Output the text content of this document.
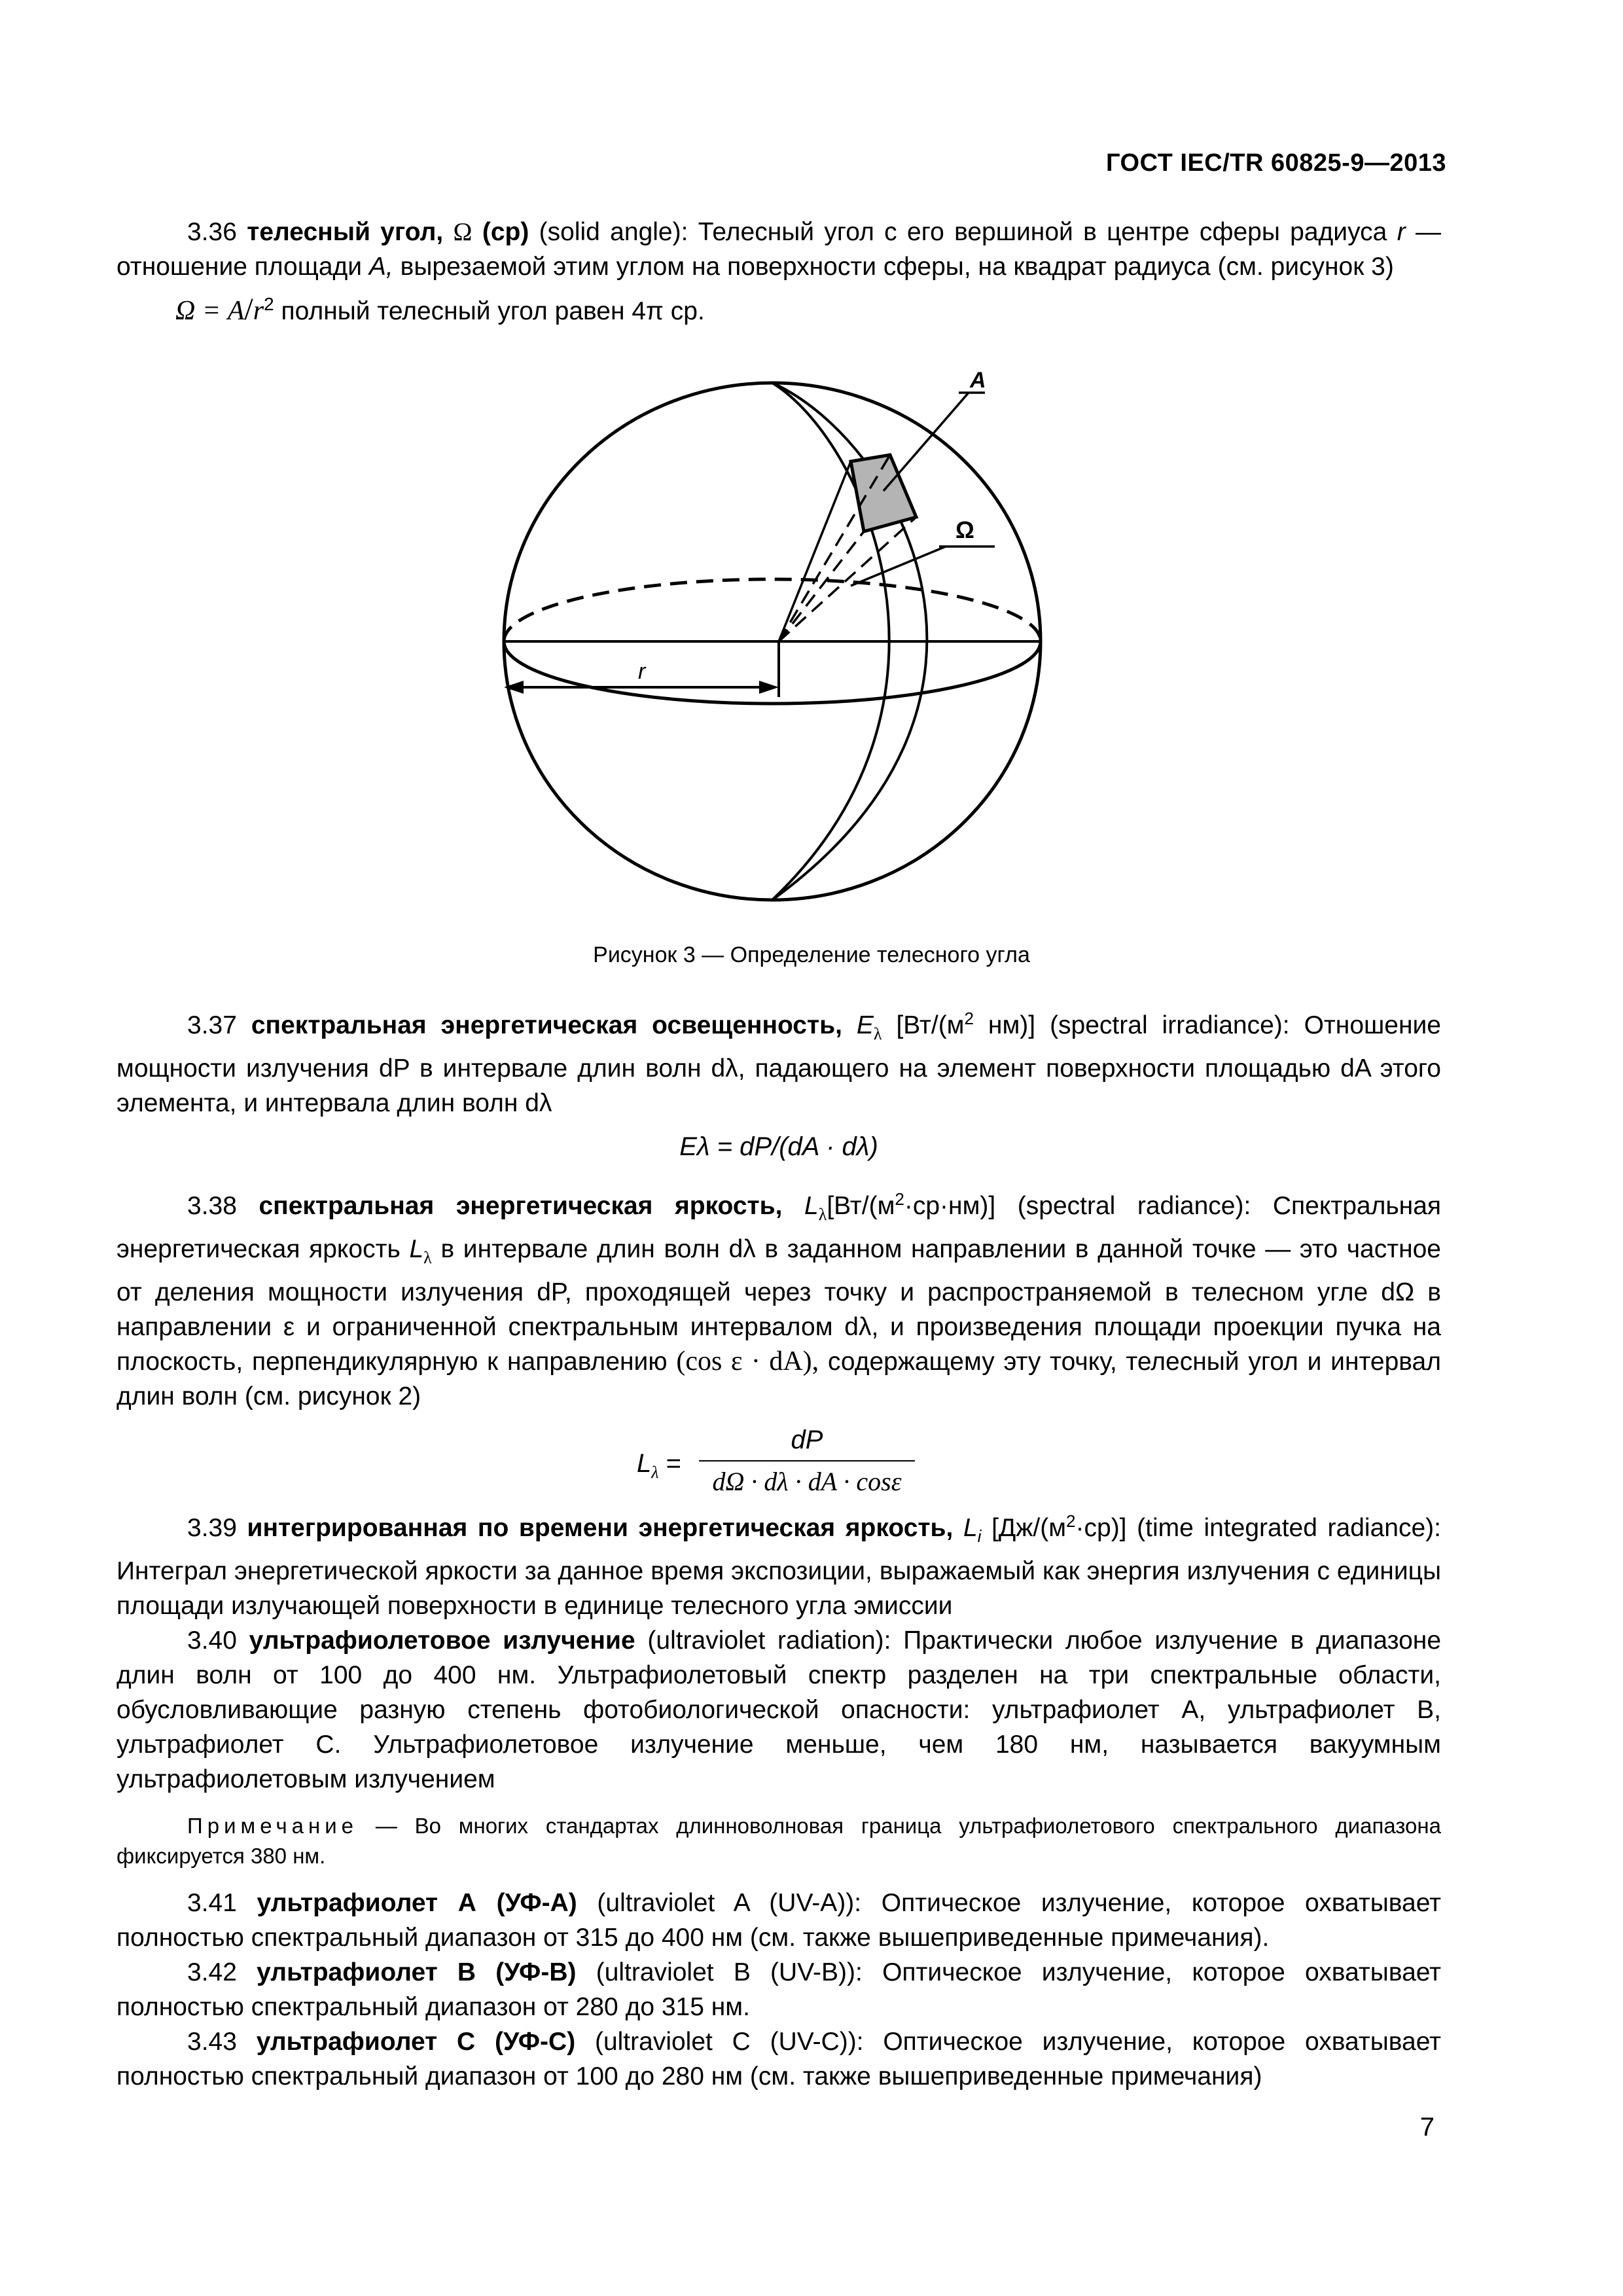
ГОСТ IEC/TR 60825-9—2013

3.36 телесный угол, Ω (ср) (solid angle): Телесный угол с его вершиной в центре сферы радиуса r — отношение площади A, вырезаемой этим углом на поверхности сферы, на квадрат радиуса (см. рисунок 3)

$\Omega = A/r^2$ полный телесный угол равен 4π ср.

A
Ω
r
Рисунок 3 — Определение телесного угла

3.37 спектральная энергетическая освещенность, $E_\lambda$ [$Вт/(м^2$ нм)] (spectral irradiance): Отношение мощности излучения dP в интервале длин волн dλ, падающего на элемент поверхности площадью dA этого элемента, и интервала длин волн dλ

Eλ = dP/(dA · dλ)

3.38 спектральная энергетическая яркость, $L_\lambda[Вт/(м^2\cdot ср\cdot нм)]$ (spectral radiance): Спектральная энергетическая яркость $L_\lambda$ в интервале длин волн dλ в заданном направлении в данной точке — это частное от деления мощности излучения dP, проходящей через точку и распространяемой в телесном угле dΩ в направлении ε и ограниченной спектральным интервалом dλ, и произведения площади проекции пучка на плоскость, перпендикулярную к направлению (cos ε · dA), содержащему эту точку, телесный угол и интервал длин волн (см. рисунок 2)

$L_\lambda = \frac{dP}{d\Omega \cdot d\lambda \cdot dA \cdot \cos\varepsilon}$

3.39 интегрированная по времени энергетическая яркость, $L_i$ $[Дж/(м^2\cdot ср)]$ (time integrated radiance): Интеграл энергетической яркости за данное время экспозиции, выражаемый как энергия излучения с единицы площади излучающей поверхности в единице телесного угла эмиссии

3.40 ультрафиолетовое излучение (ultraviolet radiation): Практически любое излучение в диапазоне длин волн от 100 до 400 нм. Ультрафиолетовый спектр разделен на три спектральные области, обусловливающие разную степень фотобиологической опасности: ультрафиолет A, ультрафиолет B, ультрафиолет C. Ультрафиолетовое излучение меньше, чем 180 нм, называется вакуумным ультрафиолетовым излучением

Примечание — Во многих стандартах длинноволновая граница ультрафиолетового спектрального диапазона фиксируется 380 нм.

3.41 ультрафиолет А (УФ-А) (ultraviolet A (UV-A)): Оптическое излучение, которое охватывает полностью спектральный диапазон от 315 до 400 нм (см. также вышеприведенные примечания).

3.42 ультрафиолет B (УФ-B) (ultraviolet B (UV-B)): Оптическое излучение, которое охватывает полностью спектральный диапазон от 280 до 315 нм.

3.43 ультрафиолет С (УФ-С) (ultraviolet C (UV-C)): Оптическое излучение, которое охватывает полностью спектральный диапазон от 100 до 280 нм (см. также вышеприведенные примечания)

7
